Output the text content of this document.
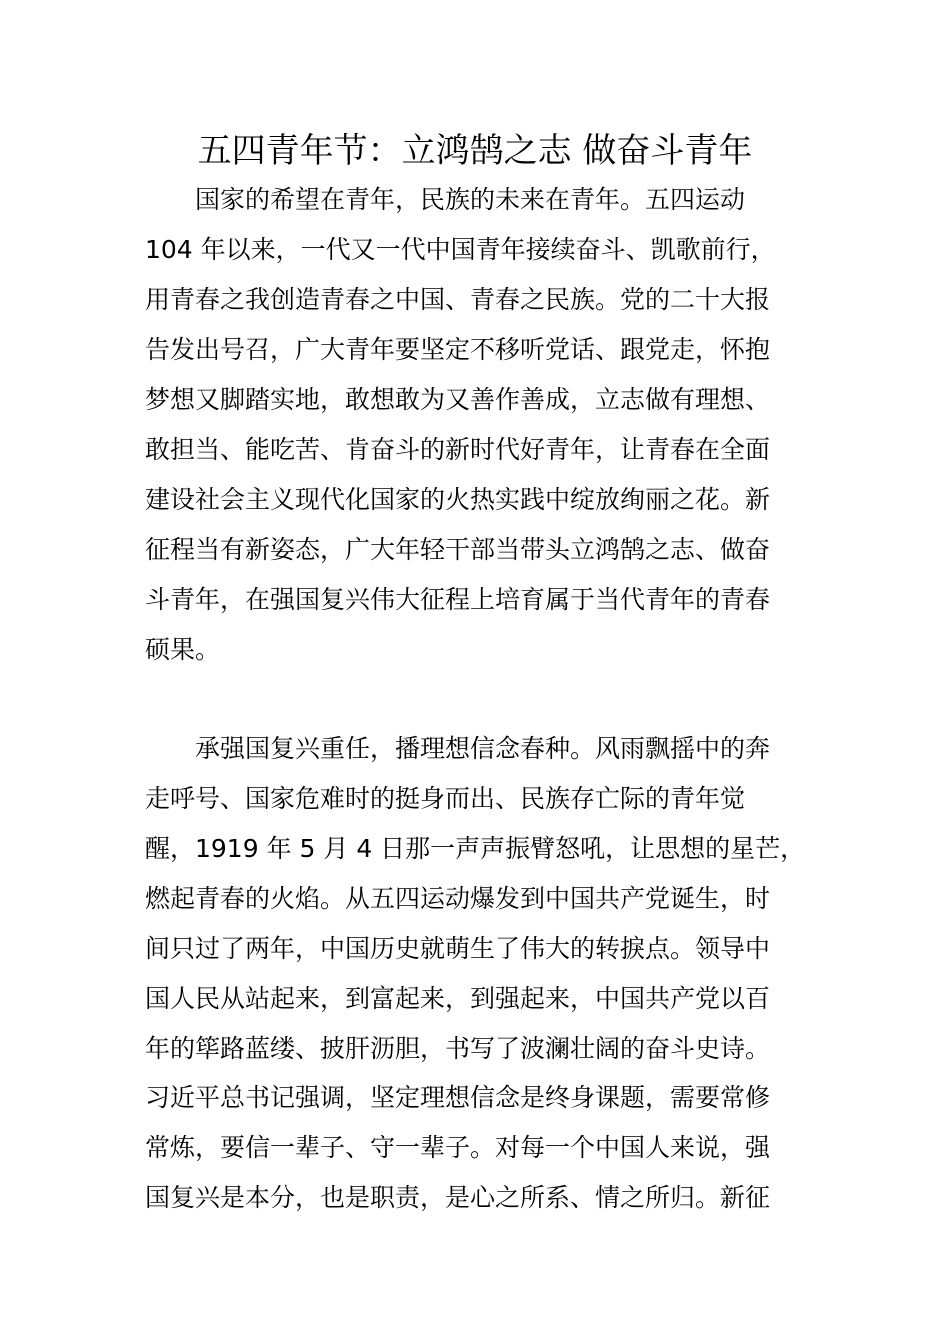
五四青年节：立鸿鹄之志 做奋斗青年
国家的希望在青年，民族的未来在青年。五四运动
104 年以来，一代又一代中国青年接续奋斗、凯歌前行，
用青春之我创造青春之中国、青春之民族。党的二十大报
告发出号召，广大青年要坚定不移听党话、跟党走，怀抱
梦想又脚踏实地，敢想敢为又善作善成，立志做有理想、
敢担当、能吃苦、肯奋斗的新时代好青年，让青春在全面
建设社会主义现代化国家的火热实践中绽放绚丽之花。新
征程当有新姿态，广大年轻干部当带头立鸿鹄之志、做奋
斗青年，在强国复兴伟大征程上培育属于当代青年的青春
硕果。
承强国复兴重任，播理想信念春种。风雨飘摇中的奔
走呼号、国家危难时的挺身而出、民族存亡际的青年觉
醒，1919 年 5 月 4 日那一声声振臂怒吼，让思想的星芒，
燃起青春的火焰。从五四运动爆发到中国共产党诞生，时
间只过了两年，中国历史就萌生了伟大的转捩点。领导中
国人民从站起来，到富起来，到强起来，中国共产党以百
年的筚路蓝缕、披肝沥胆，书写了波澜壮阔的奋斗史诗。
习近平总书记强调，坚定理想信念是终身课题，需要常修
常炼，要信一辈子、守一辈子。对每一个中国人来说，强
国复兴是本分，也是职责，是心之所系、情之所归。新征
